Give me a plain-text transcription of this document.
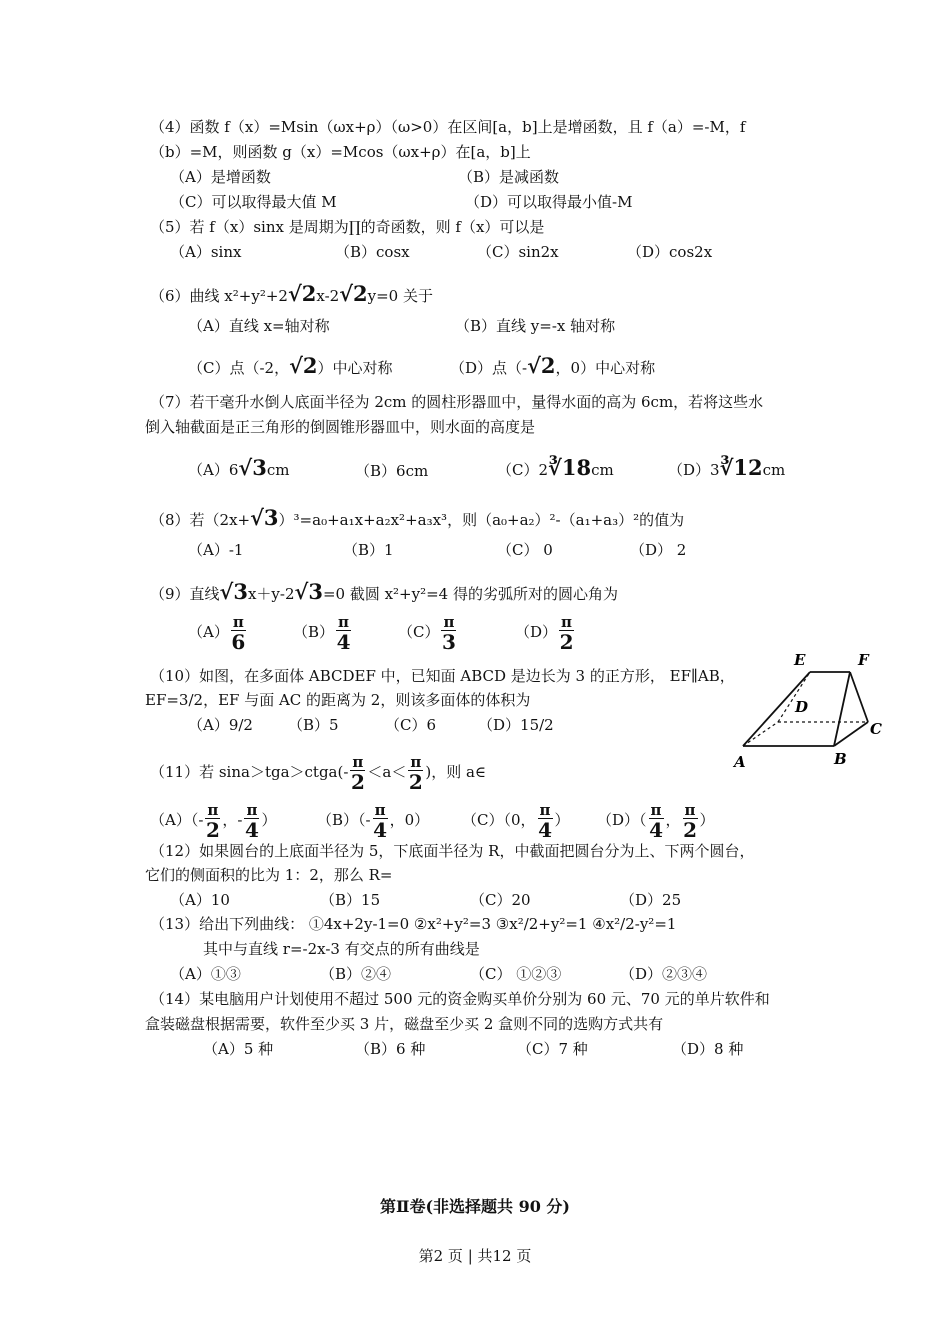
（4）函数 f（x）=Msin（ωx+ρ）（ω>0）在区间[a，b]上是增函数，且 f（a）=-M，f
（b）=M，则函数 g（x）=Mcos（ωx+ρ）在[a，b]上
（A）是增函数	（B）是减函数
（C）可以取得最大值 M	（D）可以取得最小值-M
（5）若 f（x）sinx 是周期为∏的奇函数，则 f（x）可以是
（A）sinx	（B）cosx	（C）sin2x	（D）cos2x
（6）曲线 x²+y²+2√2x-2√2y=0 关于
（A）直线 x=轴对称	（B）直线 y=-x 轴对称
（C）点（-2，√2）中心对称	（D）点（-√2，0）中心对称
（7）若干毫升水倒人底面半径为 2cm 的圆柱形器皿中，量得水面的高为 6cm，若将这些水
倒入轴截面是正三角形的倒圆锥形器皿中，则水面的高度是
（A）6√3cm	（B）6cm	（C）2∛18cm	（D）3∛12cm
（8）若（2x+√3）³=a₀+a₁x+a₂x²+a₃x³，则（a₀+a₂）²-（a₁+a₃）²的值为
（A）-1	（B）1	（C） 0	（D） 2
（9）直线√3x＋y-2√3=0 截圆 x²+y²=4 得的劣弧所对的圆心角为
$(A) \frac{\pi}{6}$	$(B) \frac{\pi}{4}$	$(C) \frac{\pi}{3}$	$(D) \frac{\pi}{2}$
（10）如图，在多面体 ABCDEF 中，已知面 ABCD 是边长为 3 的正方形， EF∥AB，
EF=3/2，EF 与面 AC 的距离为 2，则该多面体的体积为
（A）9/2 （B）5	（C）6	（D）15/2
E	F
D
C
A	B
（11）若 sina＞tga＞ctga(- $\frac{\pi}{2} <a< \frac{\pi}{2}$ )，则 a∈
$(A)(- \frac{\pi}{2}$ ，- $\frac{\pi}{4}$ ）	$(B)(- \frac{\pi}{4}$ ，0） （C）（0， $\frac{\pi}{4}$ ） $(D)( \frac{\pi}{4}$ ， $\frac{\pi}{2}$ ）
（12）如果圆台的上底面半径为 5，下底面半径为 R，中截面把圆台分为上、下两个圆台，
它们的侧面积的比为 1：2，那么 R=
（A）10	（B）15	（C）20	（D）25
（13）给出下列曲线： ①4x+2y-1=0 ②x²+y²=3 ③x²/2+y²=1 ④x²/2-y²=1
其中与直线 r=-2x-3 有交点的所有曲线是
（A）①③	（B）②④	（C） ①②③	（D）②③④
（14）某电脑用户计划使用不超过 500 元的资金购买单价分别为 60 元、70 元的单片软件和
盒装磁盘根据需要，软件至少买 3 片，磁盘至少买 2 盒则不同的选购方式共有
（A）5 种	（B）6 种	（C）7 种	（D）8 种
第Ⅱ卷(非选择题共 90 分)
第2 页 | 共12 页
